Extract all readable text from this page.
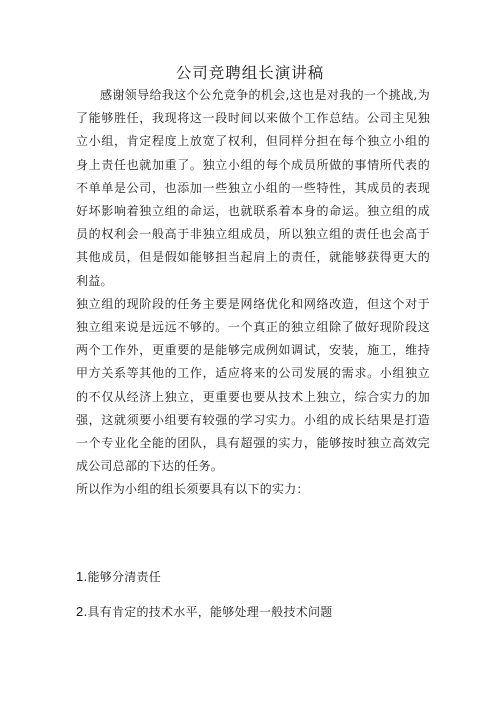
公司竞聘组长演讲稿

感谢领导给我这个公允竞争的机会,这也是对我的一个挑战,为了能够胜任，我现将这一段时间以来做个工作总结。公司主见独立小组，肯定程度上放宽了权利，但同样分担在每个独立小组的身上责任也就加重了。独立小组的每个成员所做的事情所代表的不单单是公司，也添加一些独立小组的一些特性，其成员的表现好坏影响着独立组的命运，也就联系着本身的命运。独立组的成员的权利会一般高于非独立组成员，所以独立组的责任也会高于其他成员，但是假如能够担当起肩上的责任，就能够获得更大的利益。

独立组的现阶段的任务主要是网络优化和网络改造，但这个对于独立组来说是远远不够的。一个真正的独立组除了做好现阶段这两个工作外，更重要的是能够完成例如调试，安装，施工，维持甲方关系等其他的工作，适应将来的公司发展的需求。小组独立的不仅从经济上独立，更重要也要从技术上独立，综合实力的加强，这就须要小组要有较强的学习实力。小组的成长结果是打造一个专业化全能的团队，具有超强的实力，能够按时独立高效完成公司总部的下达的任务。

所以作为小组的组长须要具有以下的实力：

1.能够分清责任

2.具有肯定的技术水平，能够处理一般技术问题
